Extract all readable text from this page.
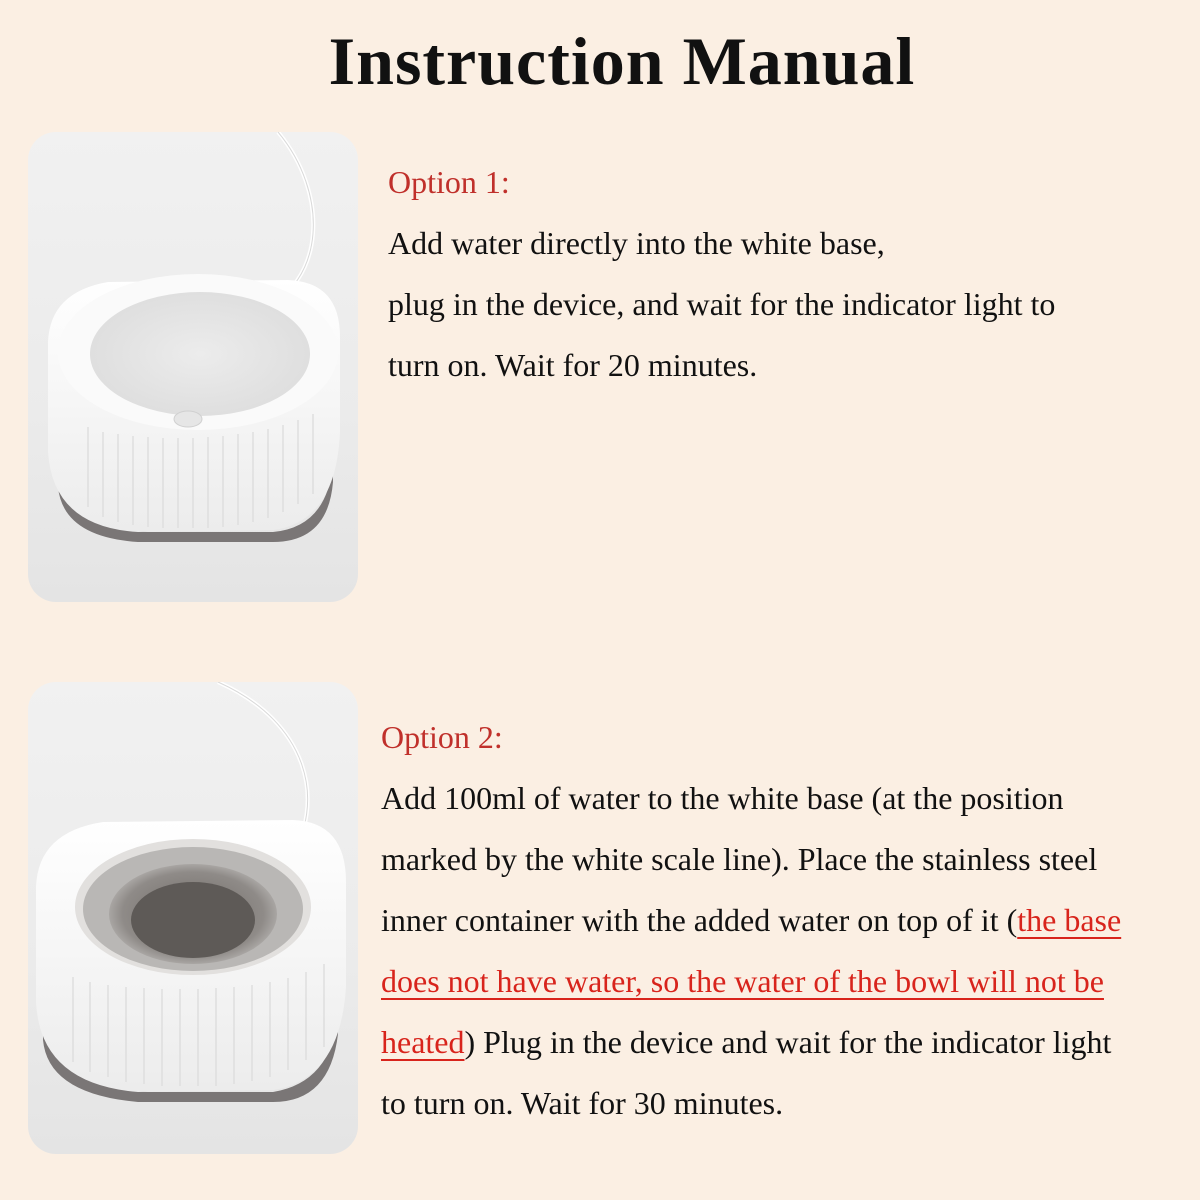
Instruction Manual
Option 1:
Add water directly into the white base,
plug in the device, and wait for the indicator light to
turn on. Wait for 20 minutes.
Option 2:
Add 100ml of water to the white base (at the position
marked by the white scale line). Place the stainless steel
inner container with the added water on top of it (the base
does not have water, so the water of the bowl will not be
heated) Plug in the device and wait for the indicator light
to turn on. Wait for 30 minutes.
